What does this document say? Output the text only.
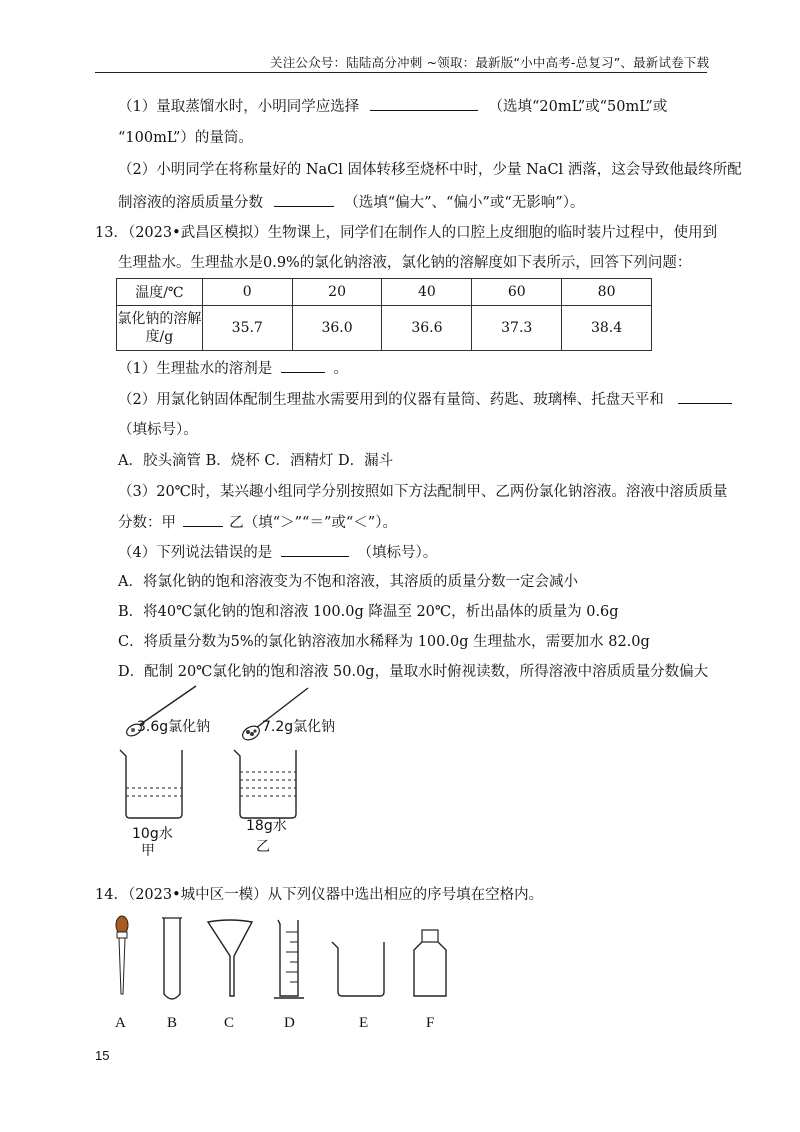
关注公众号：陆陆高分冲刺 ~领取：最新版“小中高考-总复习”、最新试卷下载
（1）量取蒸馏水时，小明同学应选择	（选填“20mL”或“50mL”或
“100mL”）的量筒。
（2）小明同学在将称量好的 NaCl 固体转移至烧杯中时，少量 NaCl 洒落，这会导致他最终所配
制溶液的溶质质量分数	（选填“偏大”、“偏小”或“无影响”）。
13．（2023•武昌区模拟）生物课上，同学们在制作人的口腔上皮细胞的临时装片过程中，使用到
生理盐水。生理盐水是0.9%的氯化钠溶液，氯化钠的溶解度如下表所示，回答下列问题：
温度/℃	0	20	40	60	80

氯化钠的溶解
度/g	35.7	36.0	36.6	37.3	38.4
（1）生理盐水的溶剂是	。
（2）用氯化钠固体配制生理盐水需要用到的仪器有量筒、药匙、玻璃棒、托盘天平和
（填标号）。
A．胶头滴管 B．烧杯 C．酒精灯 D．漏斗
（3）20℃时，某兴趣小组同学分别按照如下方法配制甲、乙两份氯化钠溶液。溶液中溶质质量
分数：甲	乙（填“＞”“＝”或“＜”）。
（4）下列说法错误的是	（填标号）。
A．将氯化钠的饱和溶液变为不饱和溶液，其溶质的质量分数一定会减小
B．将40℃氯化钠的饱和溶液 100.0g 降温至 20℃，析出晶体的质量为 0.6g
C．将质量分数为5%的氯化钠溶液加水稀释为 100.0g 生理盐水，需要加水 82.0g
D．配制 20℃氯化钠的饱和溶液 50.0g，量取水时俯视读数，所得溶液中溶质质量分数偏大
3.6g氯化钠	7.2g氯化钠
10g水
甲
18g水
乙
14．（2023•城中区一模）从下列仪器中选出相应的序号填在空格内。
A	B	C	D	E	F
15
